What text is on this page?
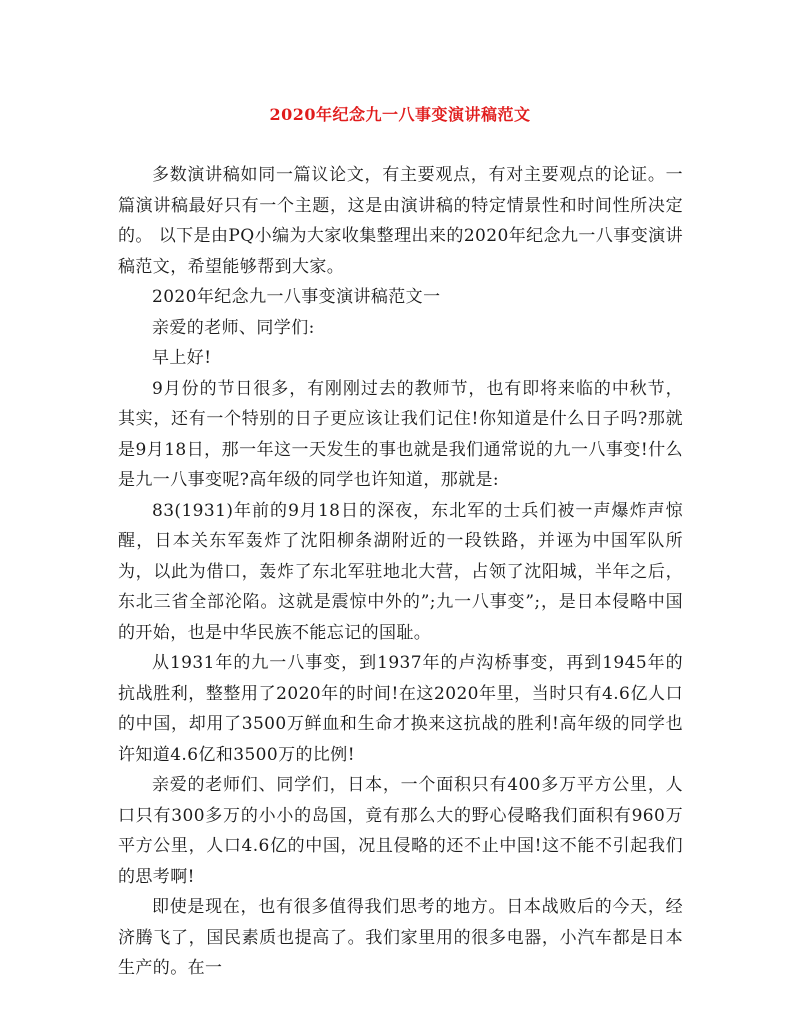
2020年纪念九一八事变演讲稿范文

多数演讲稿如同一篇议论文，有主要观点，有对主要观点的论证。一篇演讲稿最好只有一个主题，这是由演讲稿的特定情景性和时间性所决定的。 以下是由PQ小编为大家收集整理出来的2020年纪念九一八事变演讲稿范文，希望能够帮到大家。

2020年纪念九一八事变演讲稿范文一

亲爱的老师、同学们:

早上好!

9月份的节日很多，有刚刚过去的教师节，也有即将来临的中秋节，其实，还有一个特别的日子更应该让我们记住!你知道是什么日子吗?那就是9月18日，那一年这一天发生的事也就是我们通常说的九一八事变!什么是九一八事变呢?高年级的同学也许知道，那就是:

83(1931)年前的9月18日的深夜，东北军的士兵们被一声爆炸声惊醒，日本关东军轰炸了沈阳柳条湖附近的一段铁路，并诬为中国军队所为，以此为借口，轰炸了东北军驻地北大营，占领了沈阳城，半年之后，东北三省全部沦陷。这就是震惊中外的”;九一八事变”;，是日本侵略中国的开始，也是中华民族不能忘记的国耻。

从1931年的九一八事变，到1937年的卢沟桥事变，再到1945年的抗战胜利，整整用了2020年的时间!在这2020年里，当时只有4.6亿人口的中国，却用了3500万鲜血和生命才换来这抗战的胜利!高年级的同学也许知道4.6亿和3500万的比例!

亲爱的老师们、同学们，日本，一个面积只有400多万平方公里，人口只有300多万的小小的岛国，竟有那么大的野心侵略我们面积有960万平方公里，人口4.6亿的中国，况且侵略的还不止中国!这不能不引起我们的思考啊!

即使是现在，也有很多值得我们思考的地方。日本战败后的今天，经济腾飞了，国民素质也提高了。我们家里用的很多电器，小汽车都是日本生产的。在一
